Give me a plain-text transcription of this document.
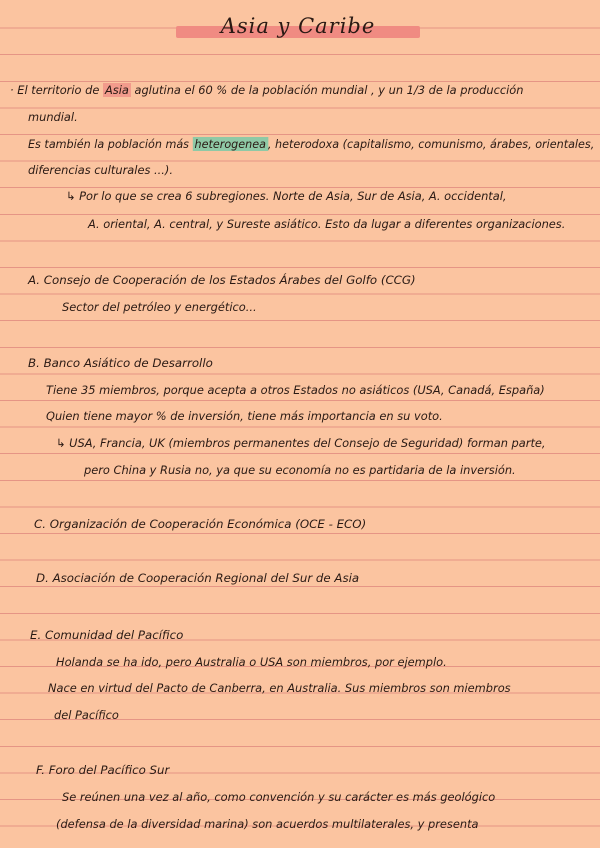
Asia y Caribe
· El territorio de Asia aglutina el 60 % de la población mundial , y un 1/3 de la producción
mundial.
Es también la población más heterogenea , heterodoxa (capitalismo, comunismo, árabes, orientales,
diferencias culturales ...).
↳ Por lo que se crea 6 subregiones. Norte de Asia, Sur de Asia, A. occidental,
A. oriental, A. central, y Sureste asiático. Esto da lugar a diferentes organizaciones.
A. Consejo de Cooperación de los Estados Árabes del Golfo (CCG)
Sector del petróleo y energético...
B. Banco Asiático de Desarrollo
Tiene 35 miembros, porque acepta a otros Estados no asiáticos (USA, Canadá, España)
Quien tiene mayor % de inversión, tiene más importancia en su voto.
↳ USA, Francia, UK (miembros permanentes del Consejo de Seguridad) forman parte,
pero China y Rusia no, ya que su economía no es partidaria de la inversión.
C. Organización de Cooperación Económica (OCE - ECO)
D. Asociación de Cooperación Regional del Sur de Asia
E. Comunidad del Pacífico
Holanda se ha ido, pero Australia o USA son miembros, por ejemplo.
Nace en virtud del Pacto de Canberra, en Australia. Sus miembros son miembros
del Pacífico
F. Foro del Pacífico Sur
Se reúnen una vez al año, como convención y su carácter es más geológico
(defensa de la diversidad marina) son acuerdos multilaterales, y presenta
